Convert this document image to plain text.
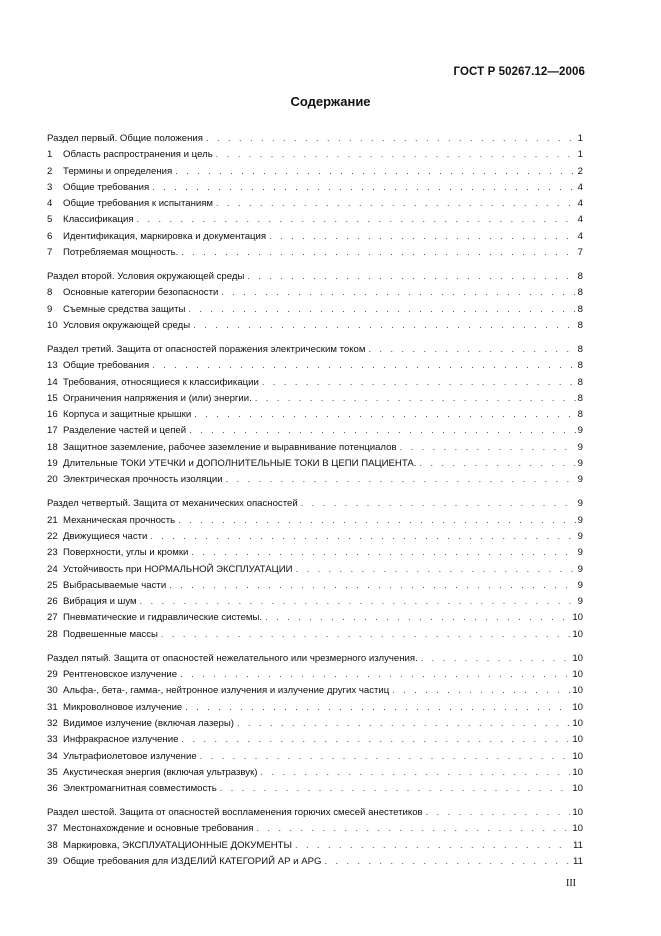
ГОСТ Р 50267.12—2006
Содержание
Раздел первый. Общие положения . . .	1
1	Область распространения и цель . . .	1
2	Термины и определения . . .	2
3	Общие требования . . .	4
4	Общие требования к испытаниям . . .	4
5	Классификация . . .	4
6	Идентификация, маркировка и документация . . .	4
7	Потребляемая мощность. . . .	7
Раздел второй. Условия окружающей среды . . .	8
8	Основные категории безопасности . . .	8
9	Съемные средства защиты . . .	8
10 Условия окружающей среды . . .	8
Раздел третий. Защита от опасностей поражения электрическим током . . .	8
13 Общие требования . . .	8
14 Требования, относящиеся к классификации . . .	8
15 Ограничения напряжения и (или) энергии. . . .	8
16 Корпуса и защитные крышки . . .	8
17 Разделение частей и цепей . . .	9
18 Защитное заземление, рабочее заземление и выравнивание потенциалов . . .	9
19 Длительные ТОКИ УТЕЧКИ и ДОПОЛНИТЕЛЬНЫЕ ТОКИ В ЦЕПИ ПАЦИЕНТА. . . .	9
20 Электрическая прочность изоляции . . .	9
Раздел четвертый. Защита от механических опасностей . . .	9
21 Механическая прочность . . .	9
22 Движущиеся части . . .	9
23 Поверхности, углы и кромки . . .	9
24 Устойчивость при НОРМАЛЬНОЙ ЭКСПЛУАТАЦИИ . . .	9
25 Выбрасываемые части . . .	9
26 Вибрация и шум . . .	9
27 Пневматические и гидравлические системы. . . .	10
28 Подвешенные массы . . .	10
Раздел пятый. Защита от опасностей нежелательного или чрезмерного излучения. . . .	10
29 Рентгеновское излучение . . .	10
30 Альфа-, бета-, гамма-, нейтронное излучения и излучение других частиц . . .	10
31 Микроволновое излучение . . .	10
32 Видимое излучение (включая лазеры) . . .	10
33 Инфракрасное излучение . . .	10
34 Ультрафиолетовое излучение . . .	10
35 Акустическая энергия (включая ультразвук) . . .	10
36 Электромагнитная совместимость . . .	10
Раздел шестой. Защита от опасностей воспламенения горючих смесей анестетиков . . .	10
37 Местонахождение и основные требования . . .	10
38 Маркировка, ЭКСПЛУАТАЦИОННЫЕ ДОКУМЕНТЫ . . .	11
39 Общие требования для ИЗДЕЛИЙ КАТЕГОРИЙ АР и APG . . .	11
III
